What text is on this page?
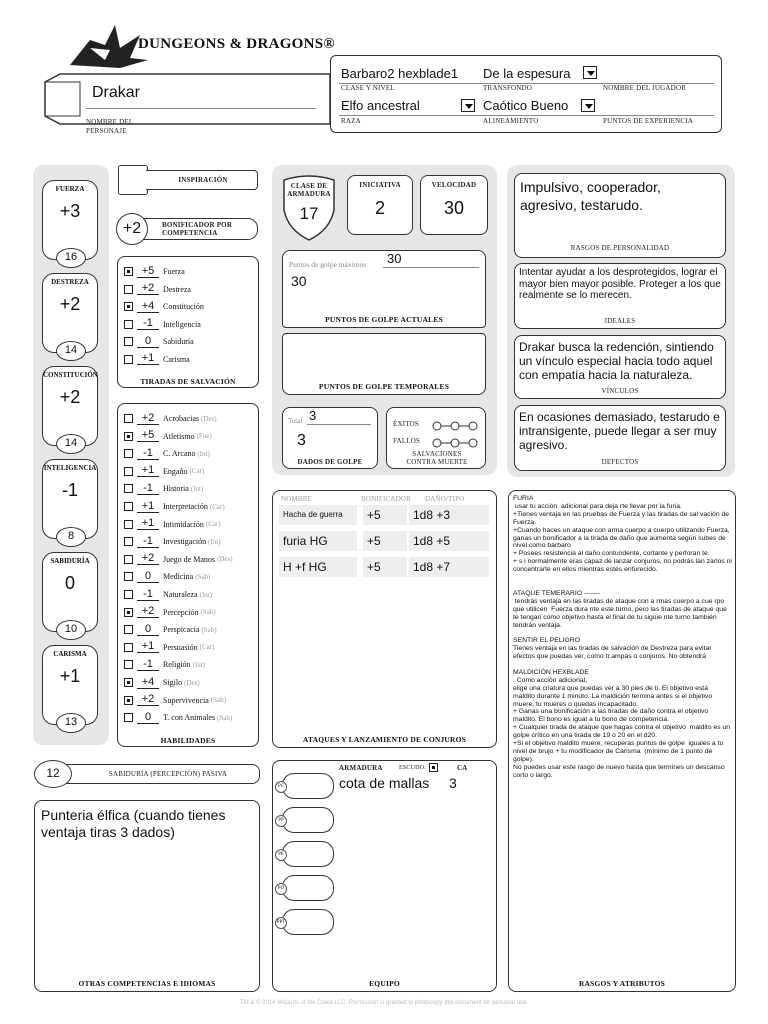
DUNGEONS & DRAGONS®
Drakar
NOMBRE DEL PERSONAJE
Barbaro2 hexblade1
CLASE Y NIVEL
De la espesura
TRANSFONDO	NOMBRE DEL JUGADOR
Elfo ancestral
RAZA
Caótico Bueno
ALINEAMIENTO	PUNTOS DE EXPERIENCIA
FUERZA
+3
16
DESTREZA
+2
14
CONSTITUCIÓN
+2
14
INTELIGENCIA
-1
8
SABIDURÍA
0
10
CARISMA
+1
13
INSPIRACIÓN
+2	BONIFICADOR POR COMPETENCIA
+5	Fuerza
+2	Destreza
+4	Constitución
-1	Inteligencia
0	Sabiduría
+1	Carisma
TIRADAS DE SALVACIÓN
+2	Acrobacias (Des)
+5	Atletismo (Fue)
-1	C. Arcano (Int)
+1	Engaño (Car)
-1	Historia (Int)
+1	Interpretación (Car)
+1	Intimidación (Car)
-1	Investigación (Int)
+2	Juego de Manos (Des)
0	Medicina (Sab)
-1	Naturaleza (Int)
+2	Percepción (Sab)
0	Perspicacia (Sab)
+1	Persuasión (Car)
-1	Religión (Int)
+4	Sigilo (Des)
+2	Supervivencia (Sab)
0	T. con Animales (Sab)
HABILIDADES
12	SABIDURÍA (PERCEPCIÓN) PASIVA
Punteria élfica (cuando tienes ventaja tiras 3 dados)
OTRAS COMPETENCIAS E IDIOMAS
CLASE DE ARMADURA
17
INICIATIVA
2
VELOCIDAD
30
Puntos de golpe máximos 30
30
PUNTOS DE GOLPE ACTUALES
PUNTOS DE GOLPE TEMPORALES
Total 3
3
DADOS DE GOLPE
ÉXITOS
FALLOS
SALVACIONES CONTRA MUERTE
NOMBRE	BONIFICADOR DAÑO/TIPO
Hacha de guerra	+5	1d8 +3
furia HG	+5	1d8 +5
H +f HG	+5	1d8 +7
ATAQUES Y LANZAMIENTO DE CONJUROS
ARMADURA	ESCUDO:	CA
cota de mallas 3
EQUIPO
PC
PP
PE
PO
PPT
Impulsivo, cooperador, agresivo, testarudo.
RASGOS DE PERSONALIDAD
Intentar ayudar a los desprotegidos, lograr el mayor bien mayor posible. Proteger a los que realmente se lo merecen.
IDEALES
Drakar busca la redención, sintiendo un vínculo especial hacia todo aquel con empatía hacia la naturaleza.
VÍNCULOS
En ocasiones demasiado, testarudo e intransigente, puede llegar a ser muy agresivo.
DEFECTOS
FURIA
usar tu acción  adicional para deja rte llevar por la furia.
+Tienes ventaja en las pruebas de Fuerza y las tiradas de sal vación de Fuerza.
+Cuando haces un ataque con arma cuerpo a cuerpo utilizando Fuerza, ganas un bonificador a la tirada de daño que aumenta según subes de nivel como bárbaro
+ Posees resistencia al daño contundente, cortante y perforan te.
+ s i normalmente eras capaz de lanzar conjuros, no podrás lan zarlos ni concentrarte en ellos mientras estés enfurecido.

ATAQUE TEMERARIO -------
tendrás ventaja en las tiradas de ataque con a rmas cuerpo a cue rpo que utilicen  Fuerza dura nte este turno, pero las tiradas de ataque que te tengan como objetivo hasta el final de tu siguie nte turno también tendrán ventaja.

SENTIR EL PELIGRO
Tienes ventaja en las tiradas de salvación de Destreza para evitar efectos que puedas ver, como tr.ampas o conjuros. No obtendrá

MALDICIÓN HEXBLADE
. Como acción adicional,
elige una criatura que puedas ver a 30 pies de ti. El objetivo está
maldito durante 1 minuto. La maldición termina antes si el objetivo muere, tu mueres o quedas incapacitado.
+ Ganas una bonificación a las tiradas de daño contra el objetivo maldito. El bono es igual a tu bono de competencia.
+ Cualquier tirada de ataque que hagas contra el objetivo  maldito es un golpe crítico en una tirada de 19 o 20 en el d20.
+Si el objetivo maldito muere, recuperas puntos de golpe  iguales a tu nivel de brujo + tu modificador de Carisma  (mínimo de 1 punto de golpe).
No puedes usar este rasgo de nuevo hasta que termines un descanso corto o largo.
RASGOS Y ATRIBUTOS
TM & © 2014 Wizards of the Coast LLC. Permission is granted to photocopy this document for personal use.
